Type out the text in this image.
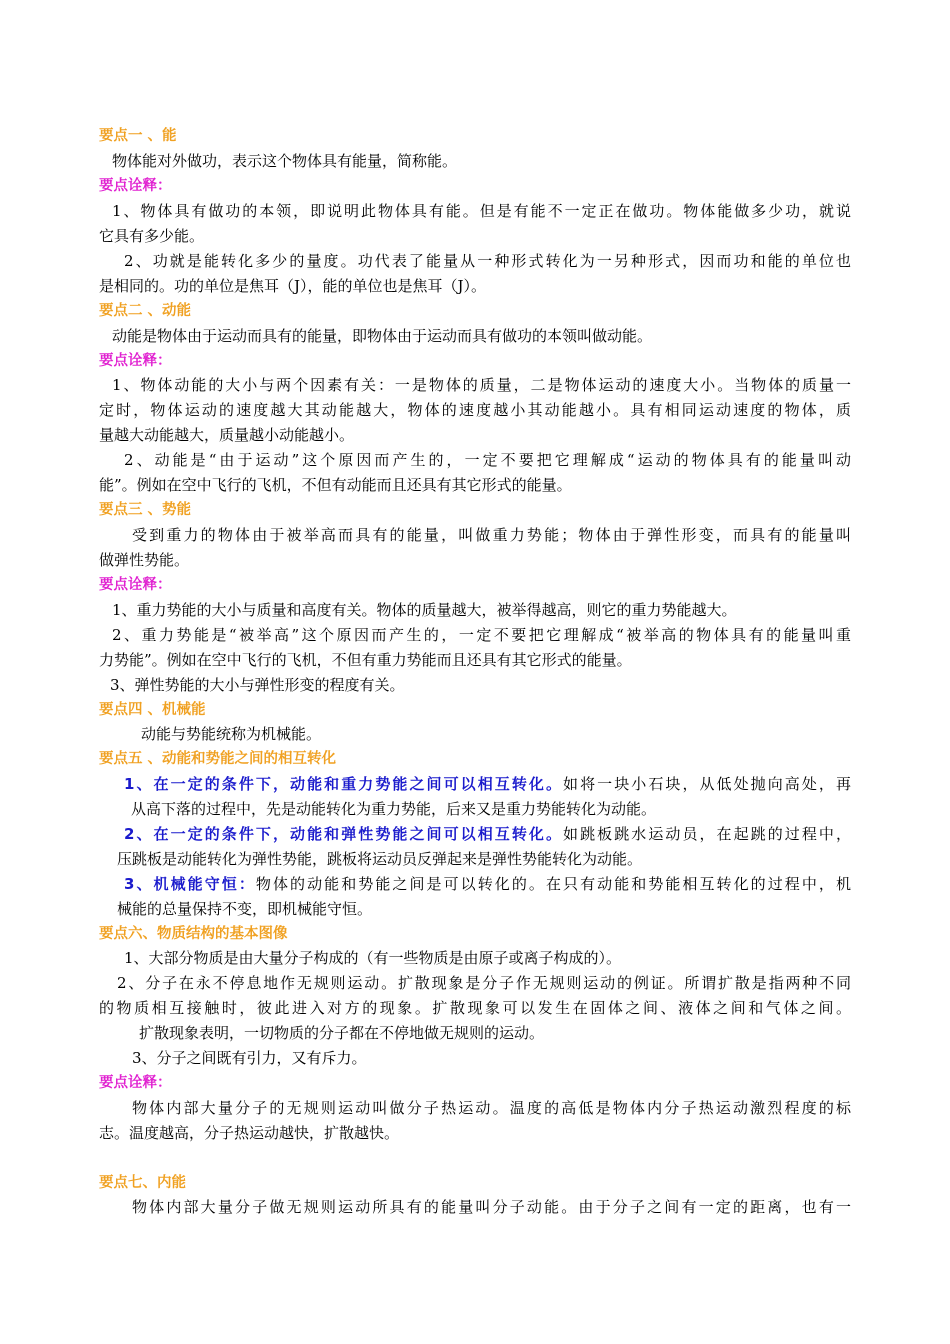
要点一 、能
物体能对外做功，表示这个物体具有能量，简称能。
要点诠释：
1、物体具有做功的本领，即说明此物体具有能。但是有能不一定正在做功。物体能做多少功，就说
它具有多少能。
2、功就是能转化多少的量度。功代表了能量从一种形式转化为一另种形式，因而功和能的单位也
是相同的。功的单位是焦耳（J），能的单位也是焦耳（J）。
要点二 、动能
动能是物体由于运动而具有的能量，即物体由于运动而具有做功的本领叫做动能。
要点诠释：
1、物体动能的大小与两个因素有关：一是物体的质量，二是物体运动的速度大小。当物体的质量一
定时，物体运动的速度越大其动能越大，物体的速度越小其动能越小。具有相同运动速度的物体，质
量越大动能越大，质量越小动能越小。
2、动能是“由于运动”这个原因而产生的，一定不要把它理解成“运动的物体具有的能量叫动
能”。例如在空中飞行的飞机，不但有动能而且还具有其它形式的能量。
要点三 、势能
受到重力的物体由于被举高而具有的能量，叫做重力势能；物体由于弹性形变，而具有的能量叫
做弹性势能。
要点诠释：
1、重力势能的大小与质量和高度有关。物体的质量越大，被举得越高，则它的重力势能越大。
2、重力势能是“被举高”这个原因而产生的，一定不要把它理解成“被举高的物体具有的能量叫重
力势能”。例如在空中飞行的飞机，不但有重力势能而且还具有其它形式的能量。
3、弹性势能的大小与弹性形变的程度有关。
要点四 、机械能
动能与势能统称为机械能。
要点五 、动能和势能之间的相互转化
1、在一定的条件下，动能和重力势能之间可以相互转化。如将一块小石块，从低处抛向高处，再
从高下落的过程中，先是动能转化为重力势能，后来又是重力势能转化为动能。
2、在一定的条件下，动能和弹性势能之间可以相互转化。如跳板跳水运动员，在起跳的过程中，
压跳板是动能转化为弹性势能，跳板将运动员反弹起来是弹性势能转化为动能。
3、机械能守恒：物体的动能和势能之间是可以转化的。在只有动能和势能相互转化的过程中，机
械能的总量保持不变，即机械能守恒。
要点六、物质结构的基本图像
1、大部分物质是由大量分子构成的（有一些物质是由原子或离子构成的）。
2、分子在永不停息地作无规则运动。扩散现象是分子作无规则运动的例证。所谓扩散是指两种不同
的物质相互接触时，彼此进入对方的现象。扩散现象可以发生在固体之间、液体之间和气体之间。
扩散现象表明，一切物质的分子都在不停地做无规则的运动。
3、分子之间既有引力，又有斥力。
要点诠释：
物体内部大量分子的无规则运动叫做分子热运动。温度的高低是物体内分子热运动激烈程度的标
志。温度越高，分子热运动越快，扩散越快。
要点七、内能
物体内部大量分子做无规则运动所具有的能量叫分子动能。由于分子之间有一定的距离，也有一
